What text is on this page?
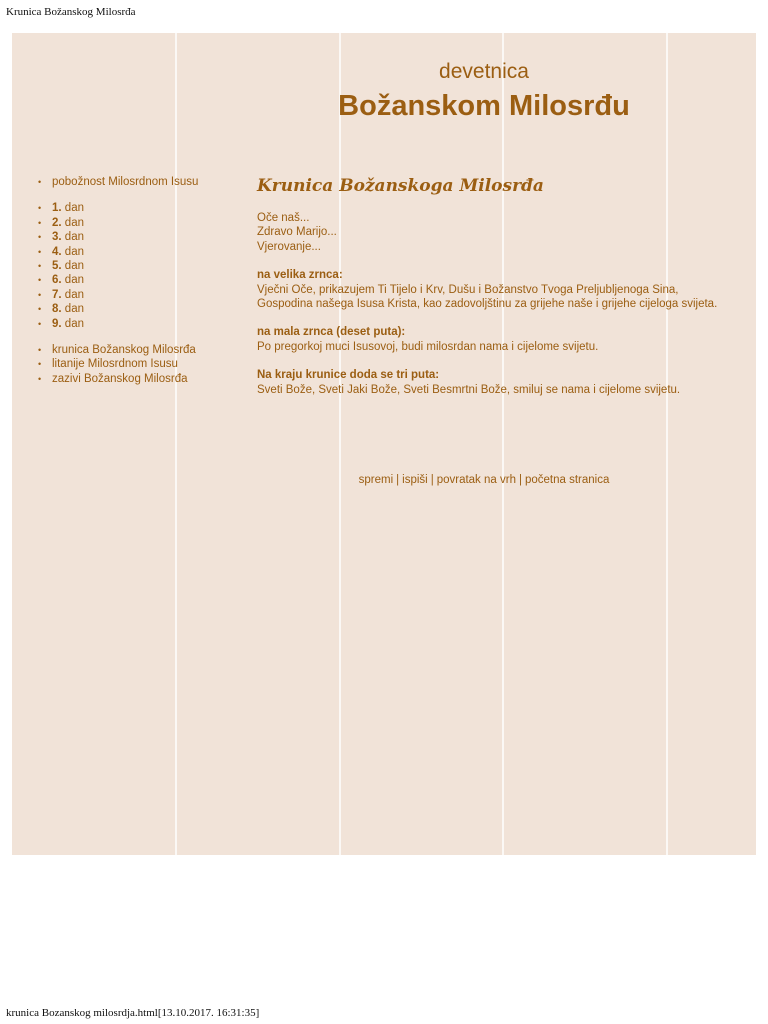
Krunica Božanskog Milosrđa
devetnica
Božanskom Milosrđu
• pobožnost Milosrdnom Isusu
• 1. dan
• 2. dan
• 3. dan
• 4. dan
• 5. dan
• 6. dan
• 7. dan
• 8. dan
• 9. dan
• krunica Božanskog Milosrđa
• litanije Milosrdnom Isusu
• zazivi Božanskog Milosrđa
Krunica Božanskoga Milosrđa

Oče naš...
Zdravo Marijo...
Vjerovanje...

na velika zrnca:
Vječni Oče, prikazujem Ti Tijelo i Krv, Dušu i Božanstvo Tvoga Preljubljenoga Sina, Gospodina našega Isusa Krista, kao zadovoljštinu za grijehe naše i grijehe cijeloga svijeta.

na mala zrnca (deset puta):
Po pregorkoj muci Isusovoj, budi milosrdan nama i cijelome svijetu.

Na kraju krunice doda se tri puta:
Sveti Bože, Sveti Jaki Bože, Sveti Besmrtni Bože, smiluj se nama i cijelome svijetu.

spremi | ispiši | povratak na vrh | početna stranica
krunica Bozanskog milosrdja.html[13.10.2017. 16:31:35]
